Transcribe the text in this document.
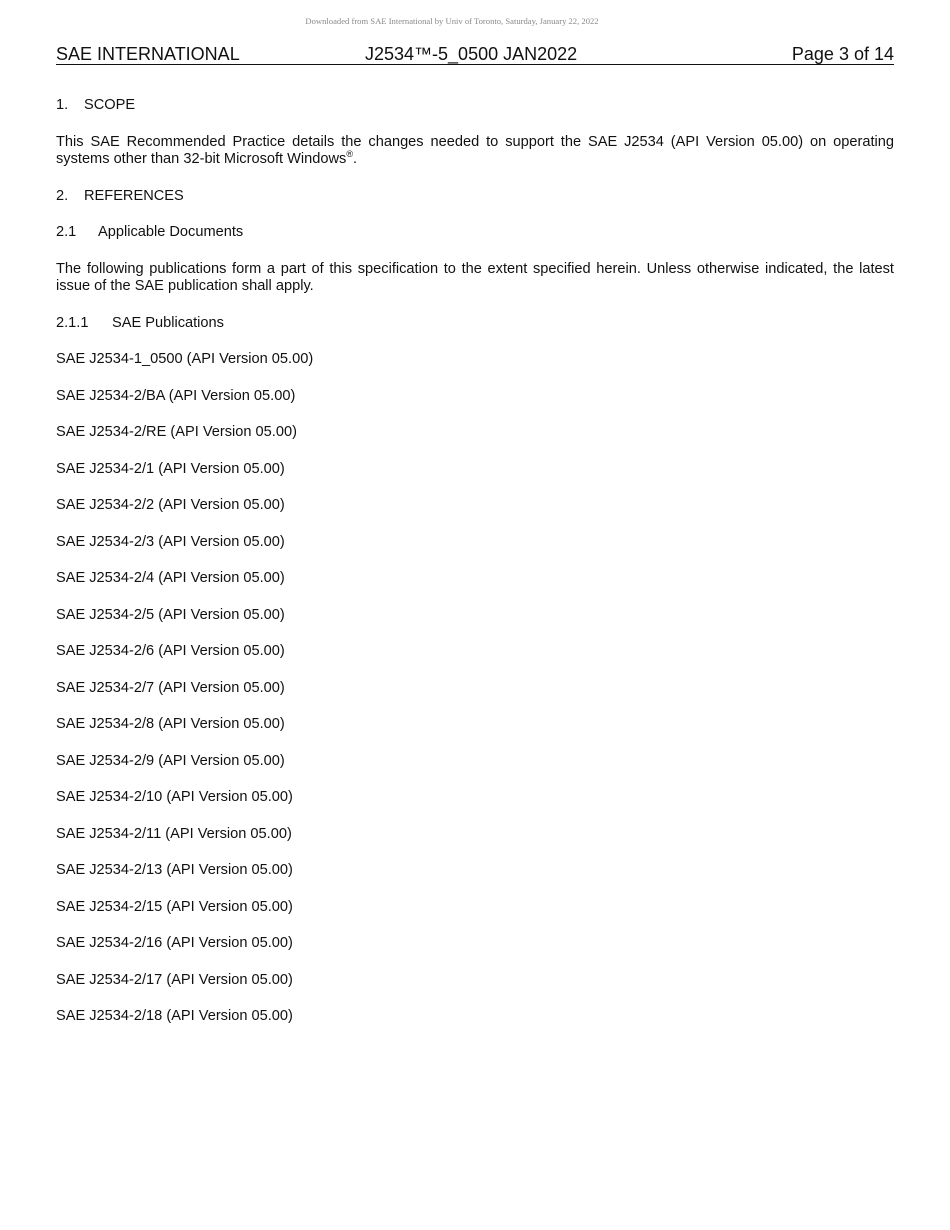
Downloaded from SAE International by Univ of Toronto, Saturday, January 22, 2022
SAE INTERNATIONAL	J2534™-5_0500 JAN2022	Page 3 of 14

1. SCOPE

This SAE Recommended Practice details the changes needed to support the SAE J2534 (API Version 05.00) on operating systems other than 32-bit Microsoft Windows®.

2. REFERENCES

2.1 Applicable Documents

The following publications form a part of this specification to the extent specified herein. Unless otherwise indicated, the latest issue of the SAE publication shall apply.

2.1.1 SAE Publications

SAE J2534-1_0500 (API Version 05.00)
SAE J2534-2/BA (API Version 05.00)
SAE J2534-2/RE (API Version 05.00)
SAE J2534-2/1 (API Version 05.00)
SAE J2534-2/2 (API Version 05.00)
SAE J2534-2/3 (API Version 05.00)
SAE J2534-2/4 (API Version 05.00)
SAE J2534-2/5 (API Version 05.00)
SAE J2534-2/6 (API Version 05.00)
SAE J2534-2/7 (API Version 05.00)
SAE J2534-2/8 (API Version 05.00)
SAE J2534-2/9 (API Version 05.00)
SAE J2534-2/10 (API Version 05.00)
SAE J2534-2/11 (API Version 05.00)
SAE J2534-2/13 (API Version 05.00)
SAE J2534-2/15 (API Version 05.00)
SAE J2534-2/16 (API Version 05.00)
SAE J2534-2/17 (API Version 05.00)
SAE J2534-2/18 (API Version 05.00)
